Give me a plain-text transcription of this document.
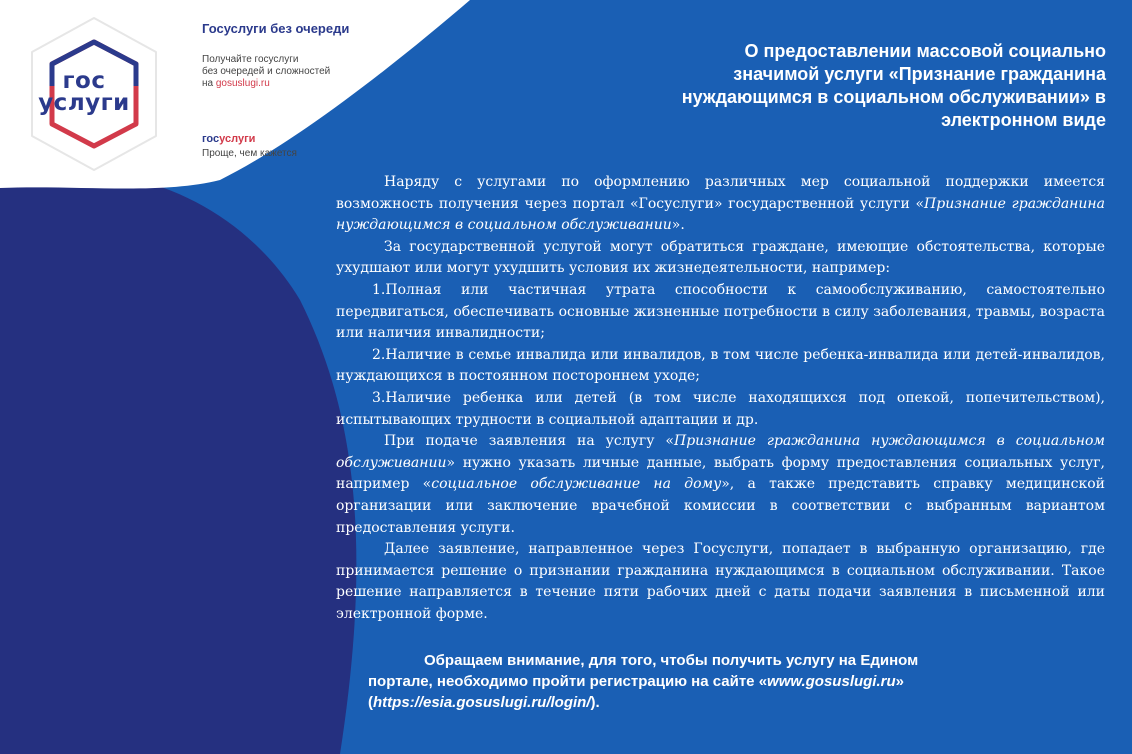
гос
услуги
Госуслуги без очереди
Получайте госуслуги
без очередей и сложностей
на gosuslugi.ru
госуслуги
Проще, чем кажется
О предоставлении массовой социально
значимой услуги «Признание гражданина
нуждающимся в социальном обслуживании» в
электронном виде

Наряду с услугами по оформлению различных мер социальной поддержки имеется возможность получения через портал «Госуслуги» государственной услуги «Признание гражданина нуждающимся в социальном обслуживании».

За государственной услугой могут обратиться граждане, имеющие обстоятельства, которые ухудшают или могут ухудшить условия их жизнедеятельности, например:

1.Полная или частичная утрата способности к самообслуживанию, самостоятельно передвигаться, обеспечивать основные жизненные потребности в силу заболевания, травмы, возраста или наличия инвалидности;

2.Наличие в семье инвалида или инвалидов, в том числе ребенка-инвалида или детей-инвалидов, нуждающихся в постоянном постороннем уходе;

3.Наличие ребенка или детей (в том числе находящихся под опекой, попечительством), испытывающих трудности в социальной адаптации и др.

При подаче заявления на услугу «Признание гражданина нуждающимся в социальном обслуживании» нужно указать личные данные, выбрать форму предоставления социальных услуг, например «социальное обслуживание на дому», а также представить справку медицинской организации или заключение врачебной комиссии в соответствии с выбранным вариантом предоставления услуги.

Далее заявление, направленное через Госуслуги, попадает в выбранную организацию, где принимается решение о признании гражданина нуждающимся в социальном обслуживании. Такое решение направляется в течение пяти рабочих дней с даты подачи заявления в письменной или электронной форме.

Обращаем внимание, для того, чтобы получить услугу на Едином
портале, необходимо пройти регистрацию на сайте «www.gosuslugi.ru»
(https://esia.gosuslugi.ru/login/).
